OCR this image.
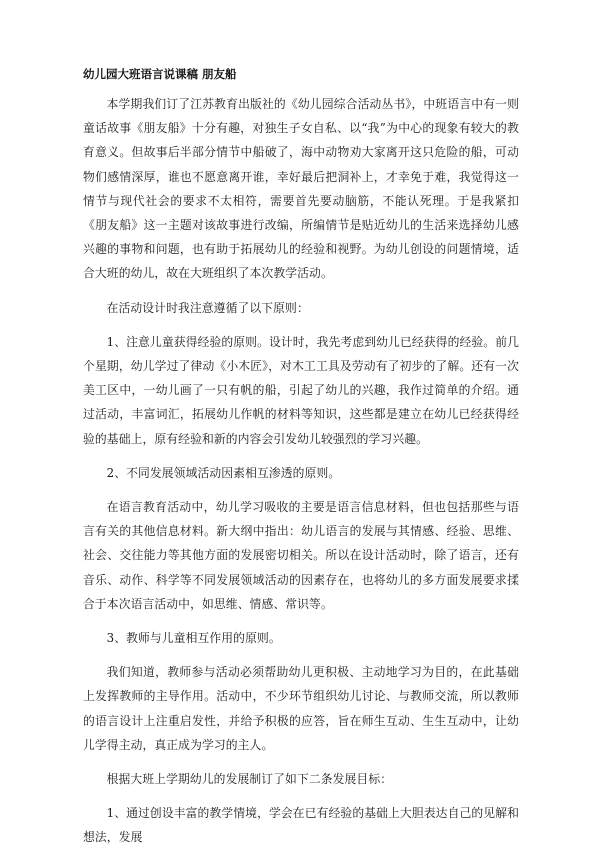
幼儿园大班语言说课稿 朋友船

本学期我们订了江苏教育出版社的《幼儿园综合活动丛书》，中班语言中有一则童话故事《朋友船》十分有趣，对独生子女自私、以“我”为中心的现象有较大的教育意义。但故事后半部分情节中船破了，海中动物劝大家离开这只危险的船，可动物们感情深厚，谁也不愿意离开谁，幸好最后把洞补上，才幸免于难，我觉得这一情节与现代社会的要求不太相符，需要首先要动脑筋，不能认死理。于是我紧扣《朋友船》这一主题对该故事进行改编，所编情节是贴近幼儿的生活来选择幼儿感兴趣的事物和问题，也有助于拓展幼儿的经验和视野。为幼儿创设的问题情境，适合大班的幼儿，故在大班组织了本次教学活动。

在活动设计时我注意遵循了以下原则：

1、注意儿童获得经验的原则。设计时，我先考虑到幼儿已经获得的经验。前几个星期，幼儿学过了律动《小木匠》，对木工工具及劳动有了初步的了解。还有一次美工区中，一幼儿画了一只有帆的船，引起了幼儿的兴趣，我作过简单的介绍。通过活动，丰富词汇，拓展幼儿作帆的材料等知识，这些都是建立在幼儿已经获得经验的基础上，原有经验和新的内容会引发幼儿较强烈的学习兴趣。

2、不同发展领域活动因素相互渗透的原则。

在语言教育活动中，幼儿学习吸收的主要是语言信息材料，但也包括那些与语言有关的其他信息材料。新大纲中指出：幼儿语言的发展与其情感、经验、思维、社会、交往能力等其他方面的发展密切相关。所以在设计活动时，除了语言，还有音乐、动作、科学等不同发展领域活动的因素存在，也将幼儿的多方面发展要求揉合于本次语言活动中，如思维、情感、常识等。

3、教师与儿童相互作用的原则。

我们知道，教师参与活动必须帮助幼儿更积极、主动地学习为目的，在此基础上发挥教师的主导作用。活动中，不少环节组织幼儿讨论、与教师交流，所以教师的语言设计上注重启发性，并给予积极的应答，旨在师生互动、生生互动中，让幼儿学得主动，真正成为学习的主人。

根据大班上学期幼儿的发展制订了如下二条发展目标：

1、通过创设丰富的教学情境，学会在已有经验的基础上大胆表达自己的见解和想法，发展
